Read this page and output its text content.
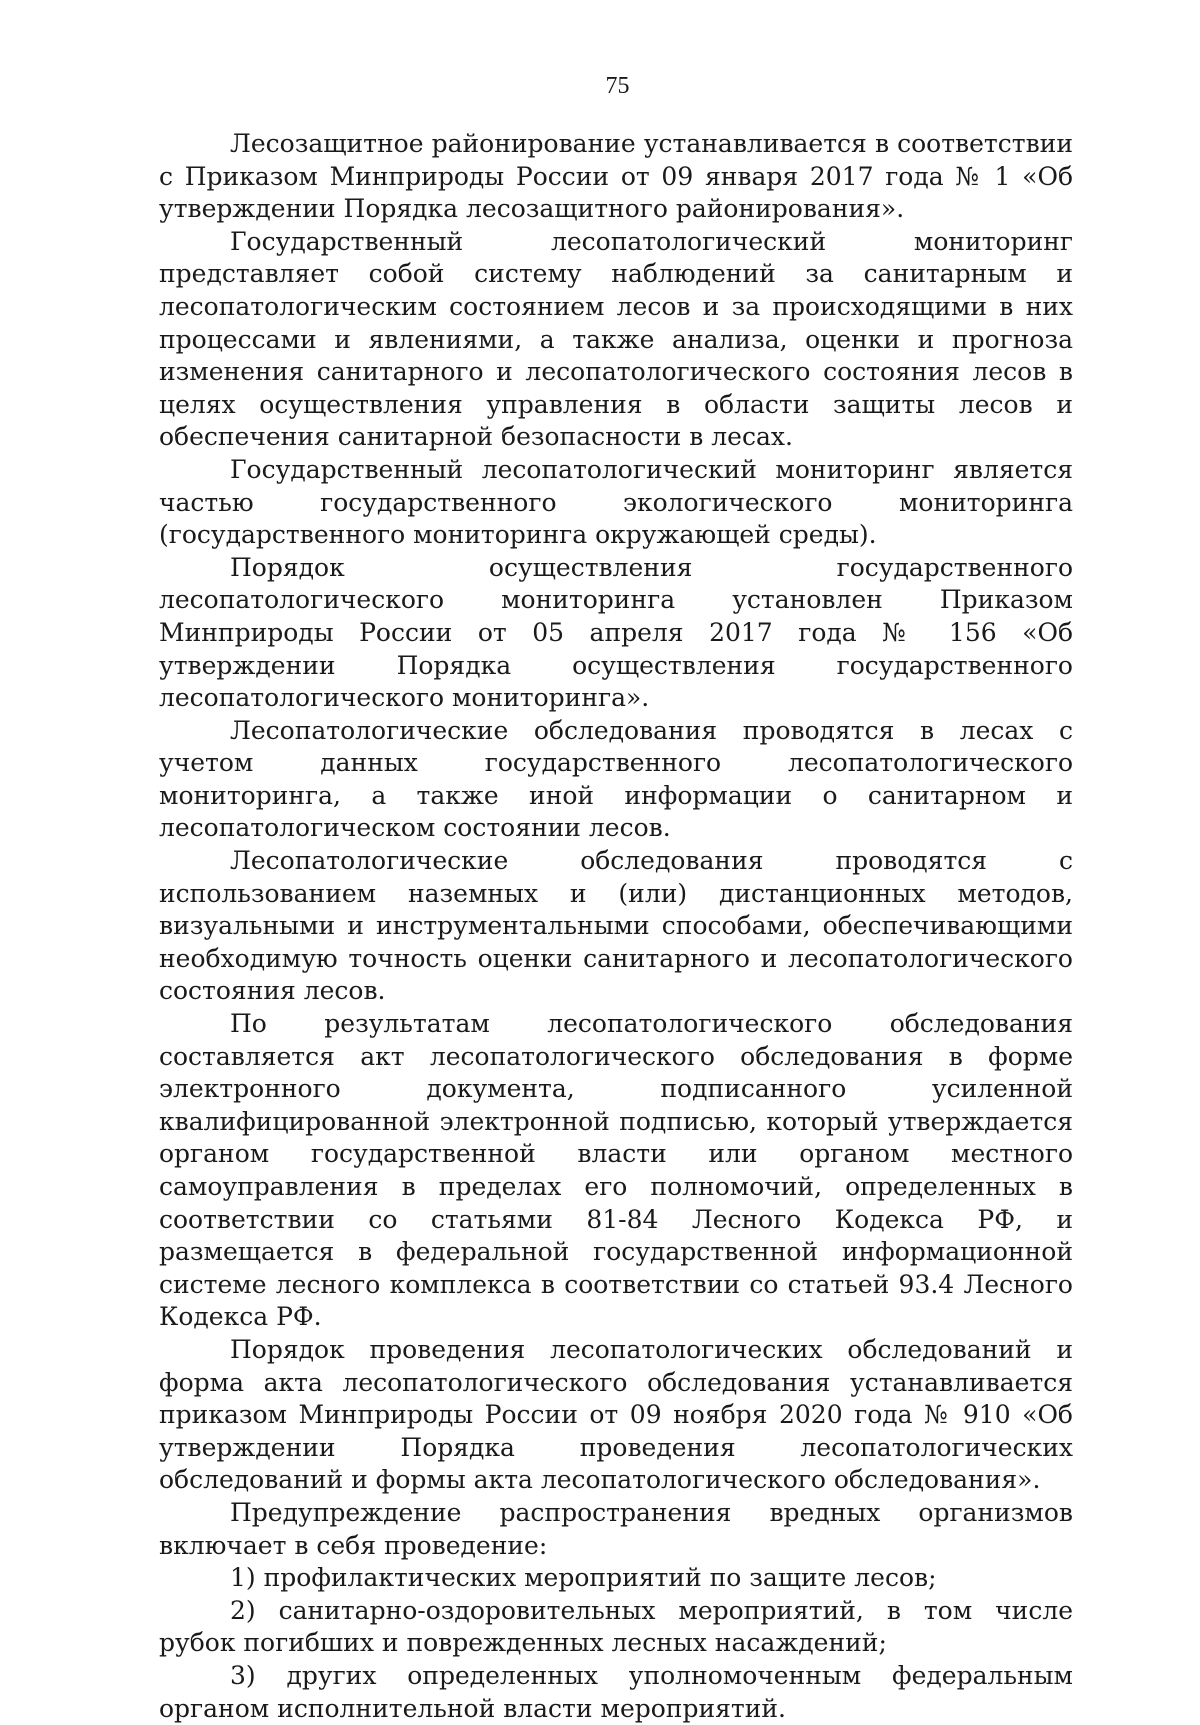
75

Лесозащитное районирование устанавливается в соответствии с Приказом Минприроды России от 09 января 2017 года № 1 «Об утверждении Порядка лесозащитного районирования».

Государственный лесопатологический мониторинг представляет собой систему наблюдений за санитарным и лесопатологическим состоянием лесов и за происходящими в них процессами и явлениями, а также анализа, оценки и прогноза изменения санитарного и лесопатологического состояния лесов в целях осуществления управления в области защиты лесов и обеспечения санитарной безопасности в лесах.

Государственный лесопатологический мониторинг является частью государственного экологического мониторинга (государственного мониторинга окружающей среды).

Порядок осуществления государственного лесопатологического мониторинга установлен Приказом Минприроды России от 05 апреля 2017 года № 156 «Об утверждении Порядка осуществления государственного лесопатологического мониторинга».

Лесопатологические обследования проводятся в лесах с учетом данных государственного лесопатологического мониторинга, а также иной информации о санитарном и лесопатологическом состоянии лесов.

Лесопатологические обследования проводятся с использованием наземных и (или) дистанционных методов, визуальными и инструментальными способами, обеспечивающими необходимую точность оценки санитарного и лесопатологического состояния лесов.

По результатам лесопатологического обследования составляется акт лесопатологического обследования в форме электронного документа, подписанного усиленной квалифицированной электронной подписью, который утверждается органом государственной власти или органом местного самоуправления в пределах его полномочий, определенных в соответствии со статьями 81-84 Лесного Кодекса РФ, и размещается в федеральной государственной информационной системе лесного комплекса в соответствии со статьей 93.4 Лесного Кодекса РФ.

Порядок проведения лесопатологических обследований и форма акта лесопатологического обследования устанавливается приказом Минприроды России от 09 ноября 2020 года № 910 «Об утверждении Порядка проведения лесопатологических обследований и формы акта лесопатологического обследования».

Предупреждение распространения вредных организмов включает в себя проведение:

1) профилактических мероприятий по защите лесов;

2) санитарно-оздоровительных мероприятий, в том числе рубок погибших и поврежденных лесных насаждений;

3) других определенных уполномоченным федеральным органом исполнительной власти мероприятий.
